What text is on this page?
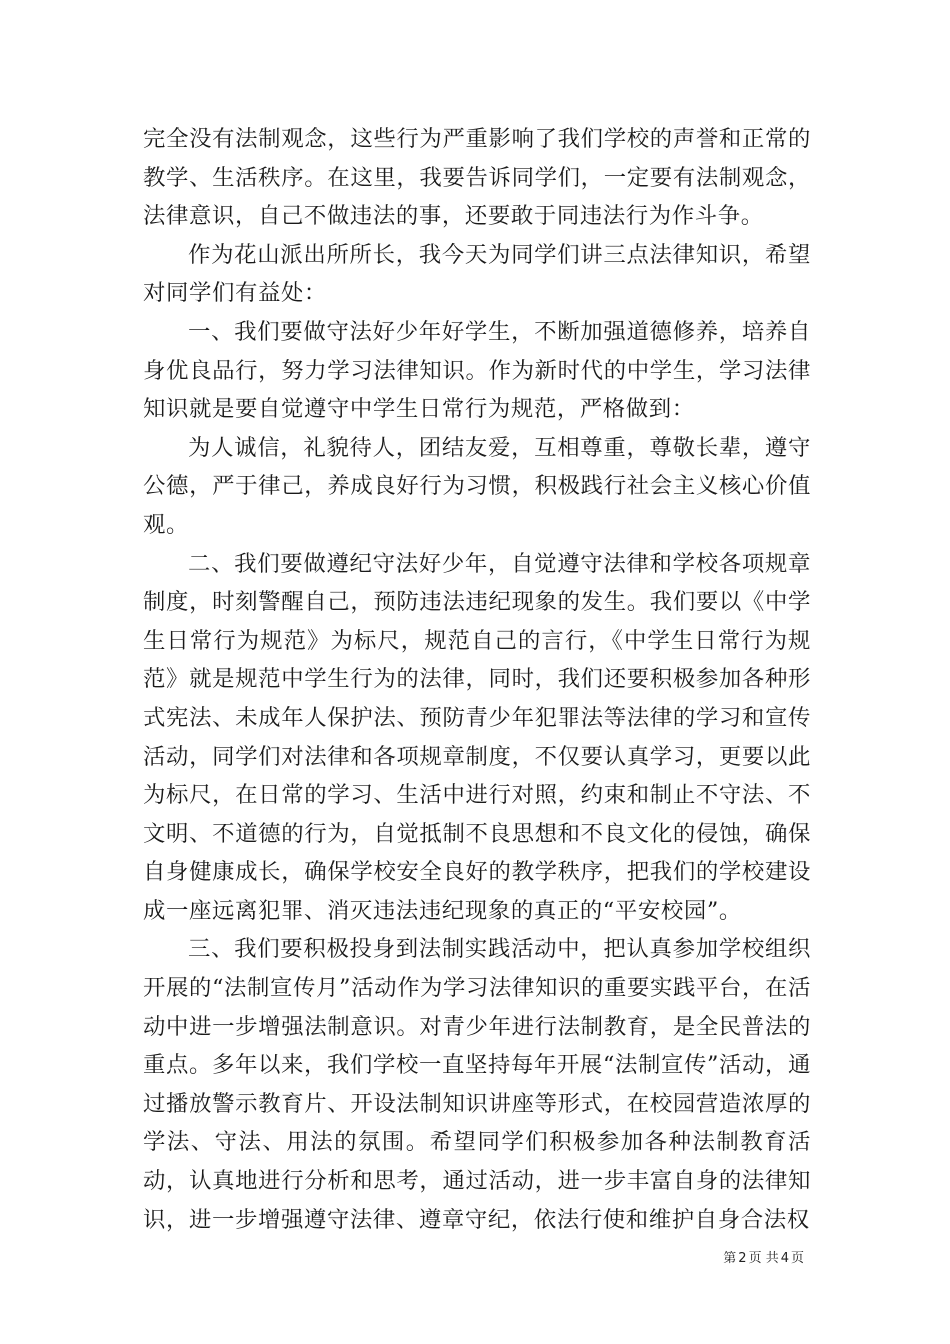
完全没有法制观念，这些行为严重影响了我们学校的声誉和正常的教学、生活秩序。在这里，我要告诉同学们，一定要有法制观念，法律意识，自己不做违法的事，还要敢于同违法行为作斗争。

作为花山派出所所长，我今天为同学们讲三点法律知识，希望对同学们有益处：

一、我们要做守法好少年好学生，不断加强道德修养，培养自身优良品行，努力学习法律知识。作为新时代的中学生，学习法律知识就是要自觉遵守中学生日常行为规范，严格做到：

为人诚信，礼貌待人，团结友爱，互相尊重，尊敬长辈，遵守公德，严于律己，养成良好行为习惯，积极践行社会主义核心价值观。

二、我们要做遵纪守法好少年，自觉遵守法律和学校各项规章制度，时刻警醒自己，预防违法违纪现象的发生。我们要以《中学生日常行为规范》为标尺，规范自己的言行，《中学生日常行为规范》就是规范中学生行为的法律，同时，我们还要积极参加各种形式宪法、未成年人保护法、预防青少年犯罪法等法律的学习和宣传活动，同学们对法律和各项规章制度，不仅要认真学习，更要以此为标尺，在日常的学习、生活中进行对照，约束和制止不守法、不文明、不道德的行为，自觉抵制不良思想和不良文化的侵蚀，确保自身健康成长，确保学校安全良好的教学秩序，把我们的学校建设成一座远离犯罪、消灭违法违纪现象的真正的“平安校园”。

三、我们要积极投身到法制实践活动中，把认真参加学校组织开展的“法制宣传月”活动作为学习法律知识的重要实践平台，在活动中进一步增强法制意识。对青少年进行法制教育，是全民普法的重点。多年以来，我们学校一直坚持每年开展“法制宣传”活动，通过播放警示教育片、开设法制知识讲座等形式，在校园营造浓厚的学法、守法、用法的氛围。希望同学们积极参加各种法制教育活动，认真地进行分析和思考，通过活动，进一步丰富自身的法律知识，进一步增强遵守法律、遵章守纪，依法行使和维护自身合法权

第 2 页 共 4 页
